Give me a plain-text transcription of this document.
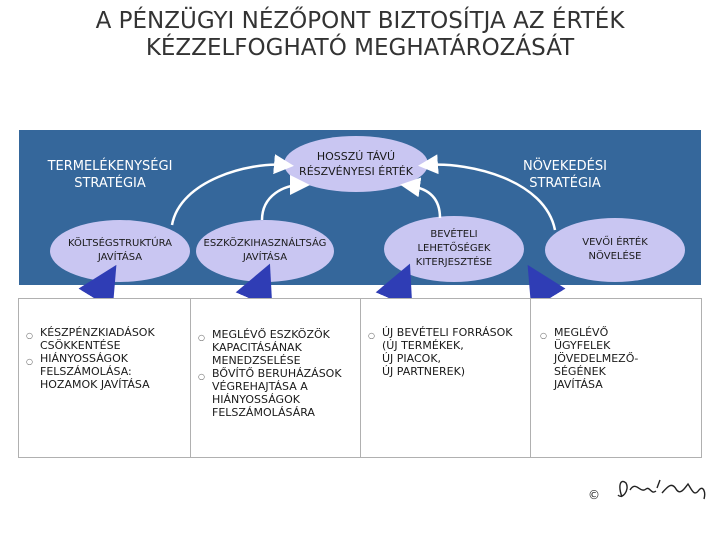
A PÉNZÜGYI NÉZŐPONT BIZTOSÍTJA AZ ÉRTÉK
KÉZZELFOGHATÓ MEGHATÁROZÁSÁT
TERMELÉKENYSÉGI
STRATÉGIA
NÖVEKEDÉSI
STRATÉGIA
HOSSZÚ TÁVÚ
RÉSZVÉNYESI ÉRTÉK
KÖLTSÉGSTRUKTÚRA
JAVÍTÁSA
ESZKÖZKIHASZNÁLTSÁG
JAVÍTÁSA
BEVÉTELI
LEHETŐSÉGEK
KITERJESZTÉSE
VEVŐI ÉRTÉK
NÖVELÉSE
○ KÉSZPÉNZKIADÁSOK
CSÖKKENTÉSE
○ HIÁNYOSSÁGOK
FELSZÁMOLÁSA:
HOZAMOK JAVÍTÁSA
○ MEGLÉVŐ ESZKÖZÖK
KAPACITÁSÁNAK
MENEDZSELÉSE
○ BŐVÍTŐ BERUHÁZÁSOK
VÉGREHAJTÁSA A
HIÁNYOSSÁGOK
FELSZÁMOLÁSÁRA
○ ÚJ BEVÉTELI FORRÁSOK
(ÚJ TERMÉKEK,
ÚJ PIACOK,
ÚJ PARTNEREK)
○ MEGLÉVŐ
ÜGYFELEK
JÖVEDELMEZŐ-
SÉGÉNEK
JAVÍTÁSA
©
